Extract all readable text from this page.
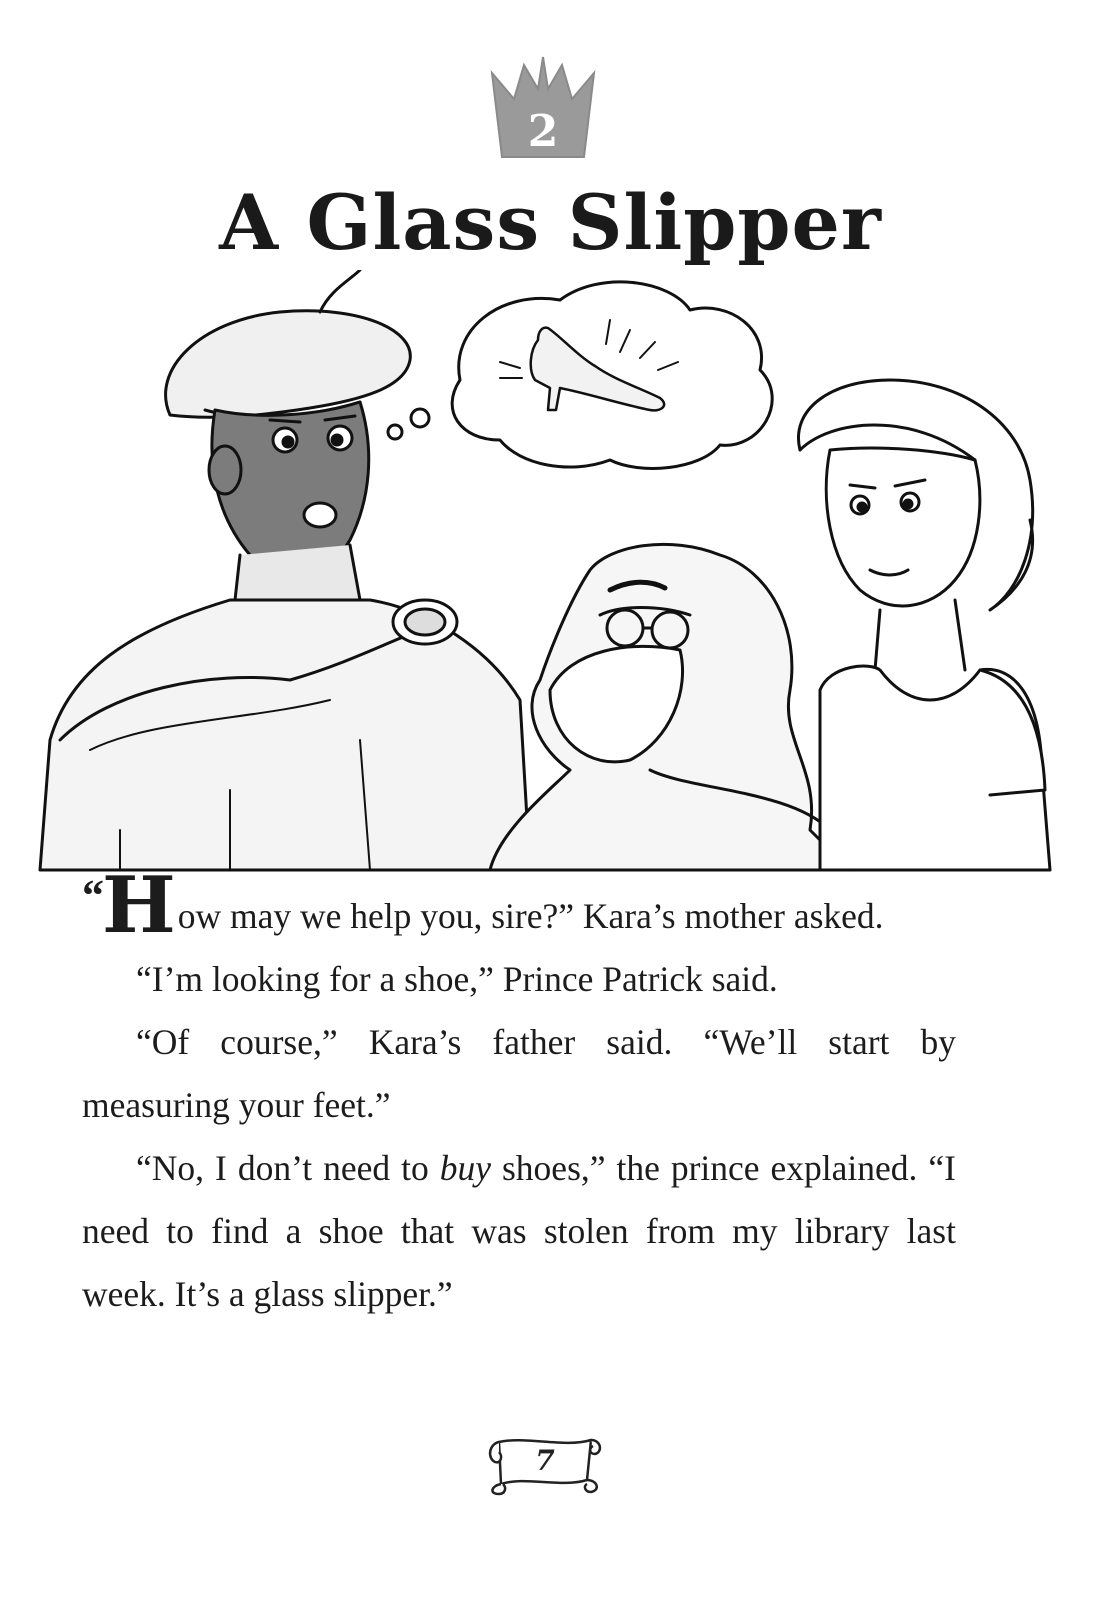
2
A Glass Slipper

“How may we help you, sire?” Kara’s mother asked.

“I’m looking for a shoe,” Prince Patrick said.

“Of course,” Kara’s father said. “We’ll start by measuring your feet.”

“No, I don’t need to buy shoes,” the prince explained. “I need to find a shoe that was stolen from my library last week. It’s a glass slipper.”

7
